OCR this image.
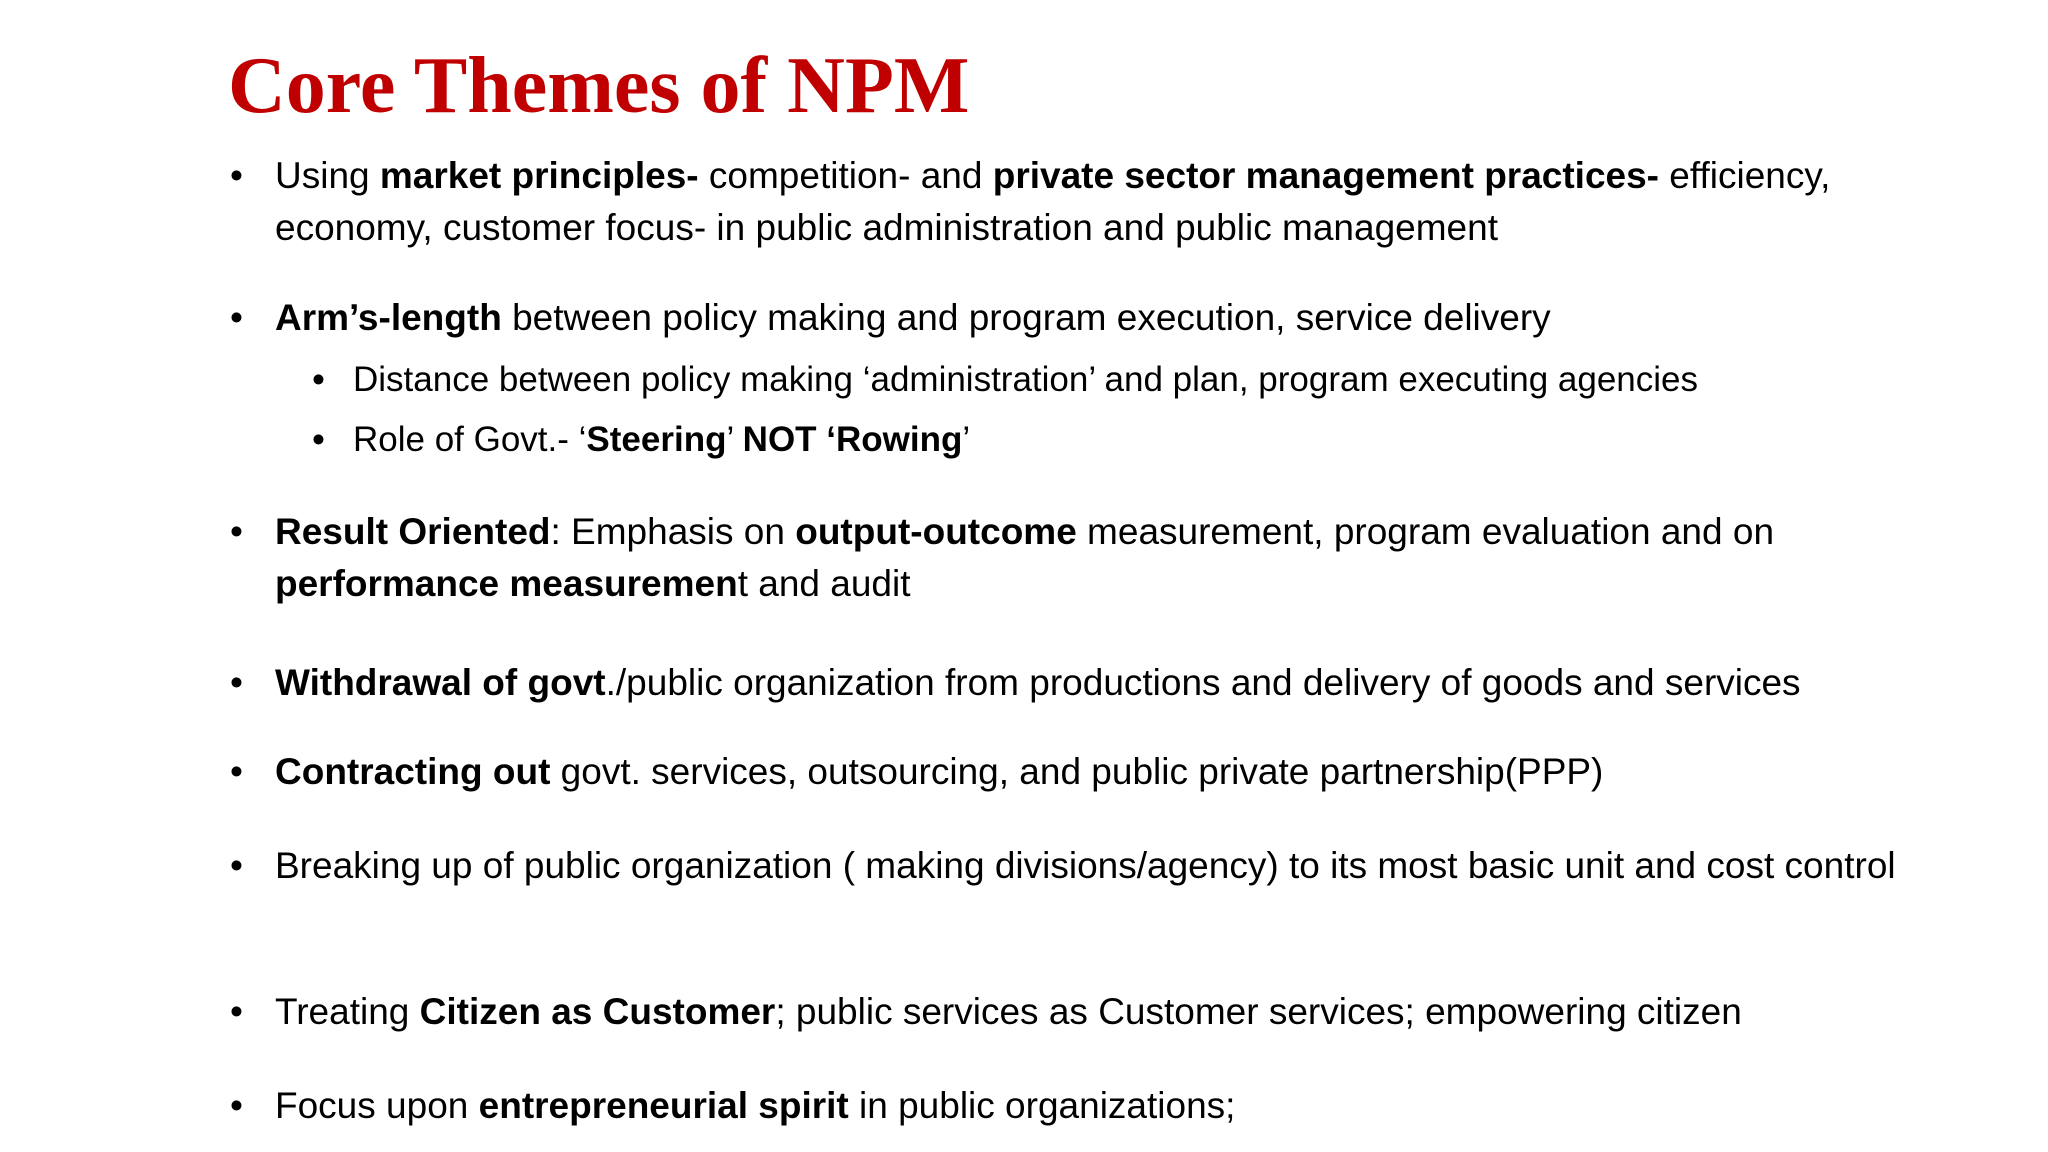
Core Themes of NPM
• Using market principles- competition- and private sector management practices- efficiency, economy, customer focus- in public administration and public management
• Arm’s-length between policy making and program execution, service delivery
• Distance between policy making ‘administration’ and plan, program executing agencies
• Role of Govt.- ‘Steering’ NOT ‘Rowing’
• Result Oriented: Emphasis on output-outcome measurement, program evaluation and on performance measurement and audit
• Withdrawal of govt./public organization from productions and delivery of goods and services
• Contracting out govt. services, outsourcing, and public private partnership(PPP)
• Breaking up of public organization ( making divisions/agency) to its most basic unit and cost control
• Treating Citizen as Customer; public services as Customer services; empowering citizen
• Focus upon entrepreneurial spirit in public organizations;
